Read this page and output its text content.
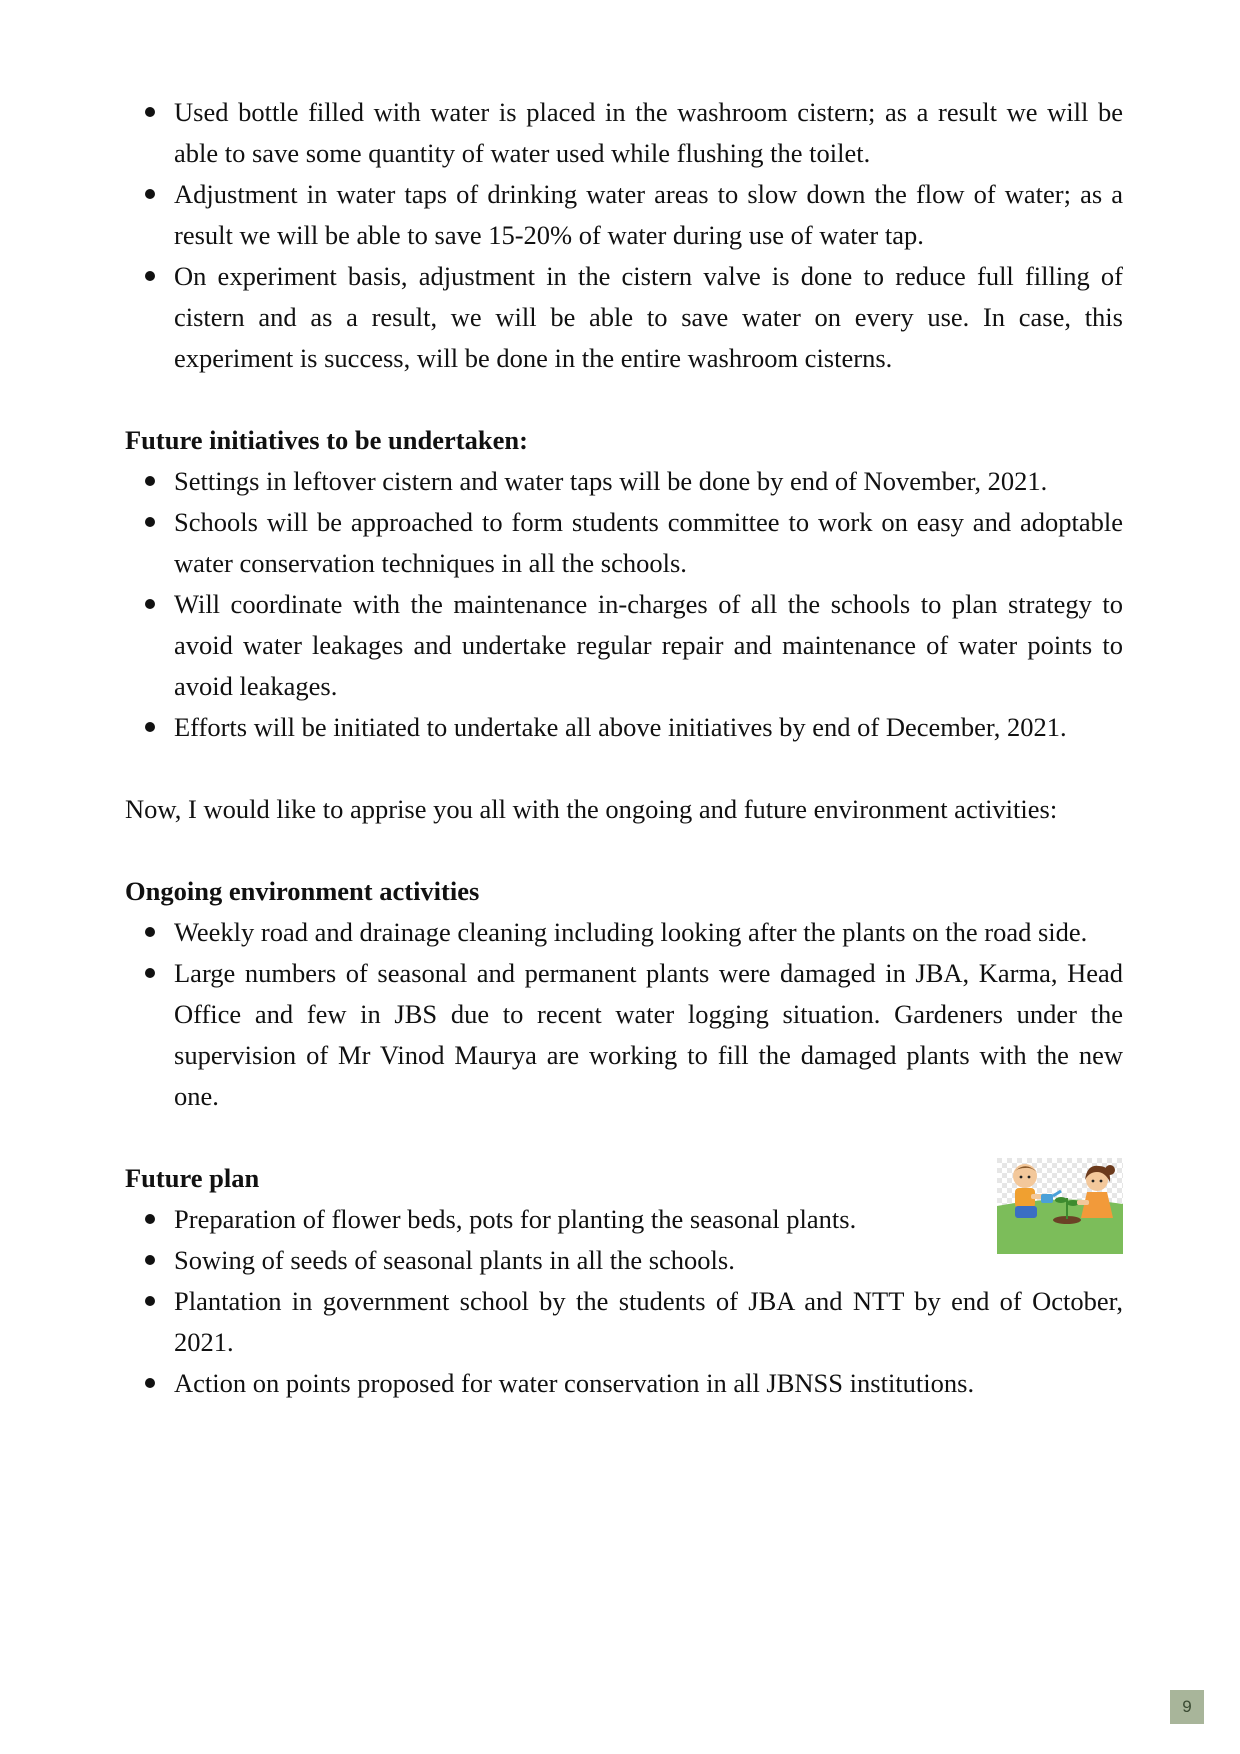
Used bottle filled with water is placed in the washroom cistern; as a result we will be able to save some quantity of water used while flushing the toilet.
Adjustment in water taps of drinking water areas to slow down the flow of water; as a result we will be able to save 15-20% of water during use of water tap.
On experiment basis, adjustment in the cistern valve is done to reduce full filling of cistern and as a result, we will be able to save water on every use. In case, this experiment is success, will be done in the entire washroom cisterns.

Future initiatives to be undertaken:

Settings in leftover cistern and water taps will be done by end of November, 2021.
Schools will be approached to form students committee to work on easy and adoptable water conservation techniques in all the schools.
Will coordinate with the maintenance in-charges of all the schools to plan strategy to avoid water leakages and undertake regular repair and maintenance of water points to avoid leakages.
Efforts will be initiated to undertake all above initiatives by end of December, 2021.

Now, I would like to apprise you all with the ongoing and future environment activities:

Ongoing environment activities

Weekly road and drainage cleaning including looking after the plants on the road side.
Large numbers of seasonal and permanent plants were damaged in JBA, Karma, Head Office and few in JBS due to recent water logging situation. Gardeners under the supervision of Mr Vinod Maurya are working to fill the damaged plants with the new one.

Future plan

Preparation of flower beds, pots for planting the seasonal plants.
Sowing of seeds of seasonal plants in all the schools.
Plantation in government school by the students of JBA and NTT by end of October, 2021.
Action on points proposed for water conservation in all JBNSS institutions.
9
